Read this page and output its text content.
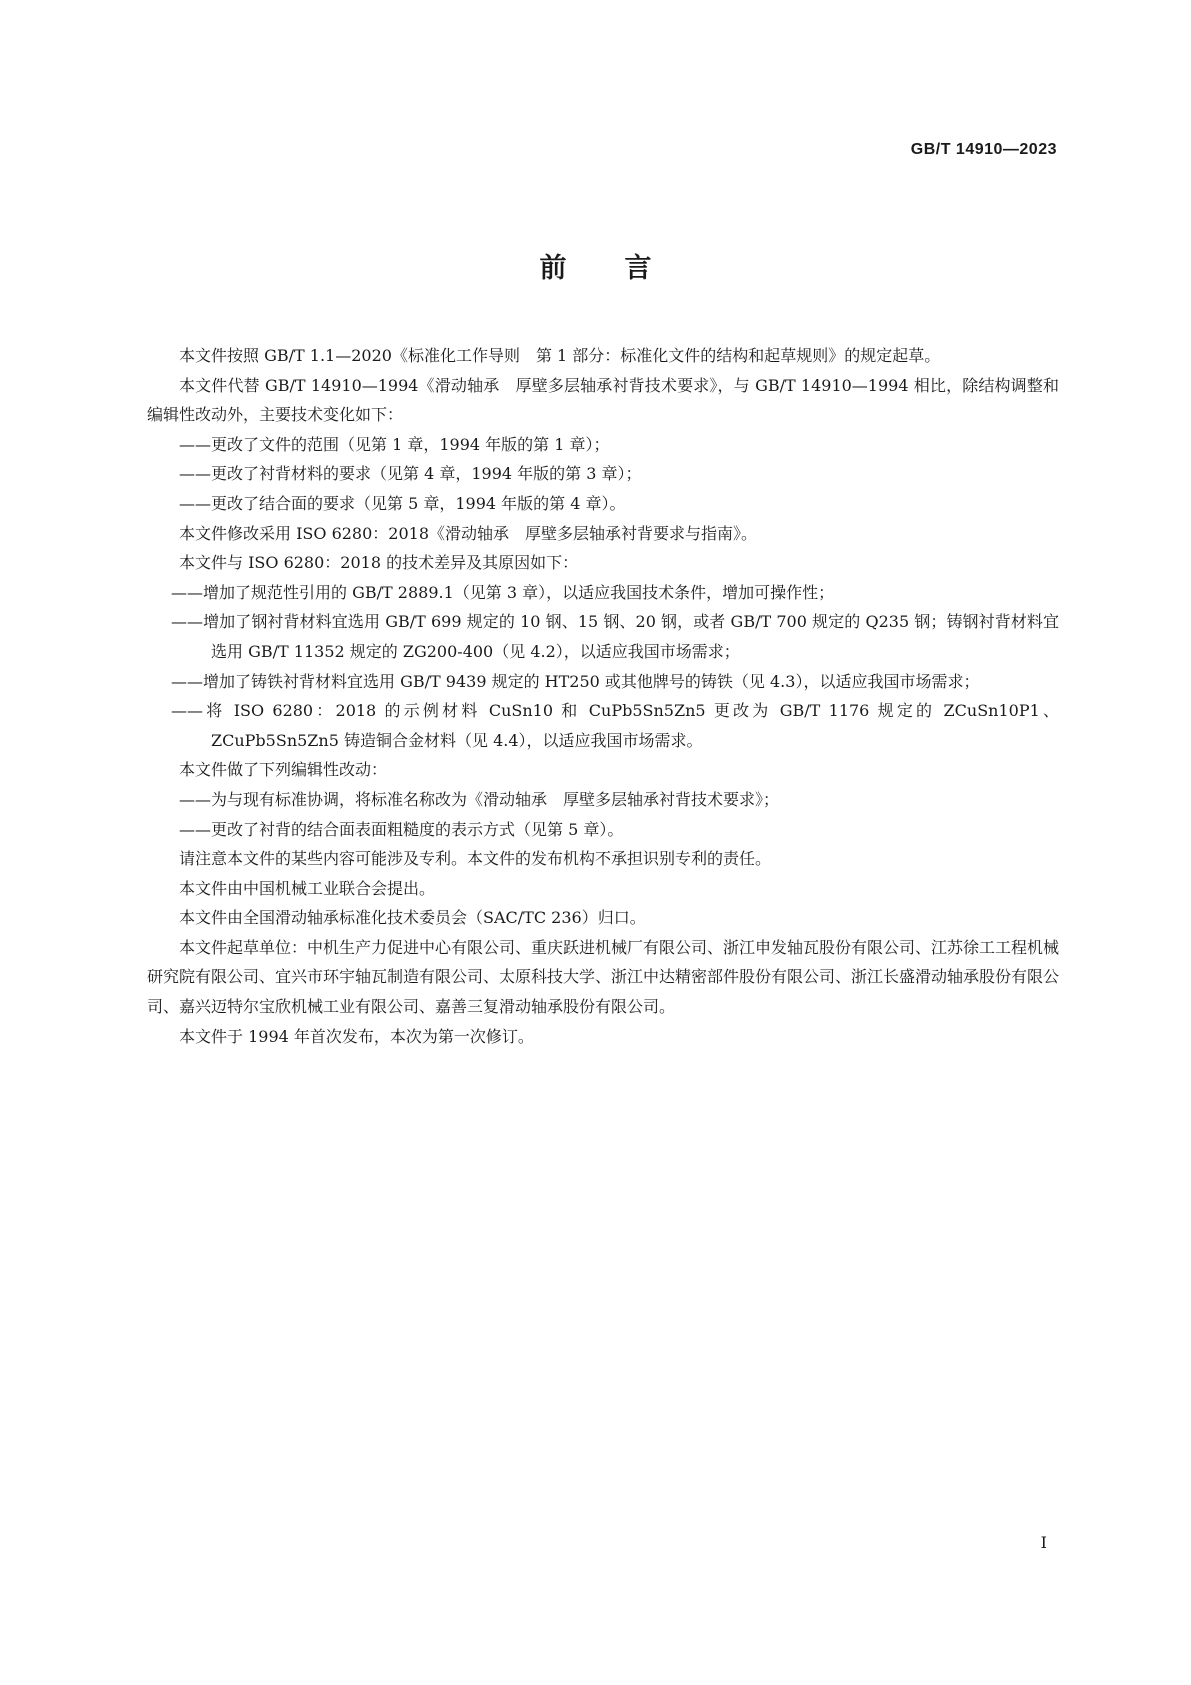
GB/T 14910—2023
前言
本文件按照 GB/T 1.1—2020《标准化工作导则　第 1 部分：标准化文件的结构和起草规则》的规定起草。
本文件代替 GB/T 14910—1994《滑动轴承　厚壁多层轴承衬背技术要求》，与 GB/T 14910—1994 相比，除结构调整和编辑性改动外，主要技术变化如下：
——更改了文件的范围（见第 1 章，1994 年版的第 1 章）；
——更改了衬背材料的要求（见第 4 章，1994 年版的第 3 章）；
——更改了结合面的要求（见第 5 章，1994 年版的第 4 章）。
本文件修改采用 ISO 6280：2018《滑动轴承　厚壁多层轴承衬背要求与指南》。
本文件与 ISO 6280：2018 的技术差异及其原因如下：
——增加了规范性引用的 GB/T 2889.1（见第 3 章），以适应我国技术条件，增加可操作性；
——增加了钢衬背材料宜选用 GB/T 699 规定的 10 钢、15 钢、20 钢，或者 GB/T 700 规定的 Q235 钢；铸钢衬背材料宜选用 GB/T 11352 规定的 ZG200-400（见 4.2），以适应我国市场需求；
——增加了铸铁衬背材料宜选用 GB/T 9439 规定的 HT250 或其他牌号的铸铁（见 4.3），以适应我国市场需求；
——将 ISO 6280：2018 的示例材料 CuSn10 和 CuPb5Sn5Zn5 更改为 GB/T 1176 规定的 ZCuSn10P1、ZCuPb5Sn5Zn5 铸造铜合金材料（见 4.4），以适应我国市场需求。
本文件做了下列编辑性改动：
——为与现有标准协调，将标准名称改为《滑动轴承　厚壁多层轴承衬背技术要求》；
——更改了衬背的结合面表面粗糙度的表示方式（见第 5 章）。
请注意本文件的某些内容可能涉及专利。本文件的发布机构不承担识别专利的责任。
本文件由中国机械工业联合会提出。
本文件由全国滑动轴承标准化技术委员会（SAC/TC 236）归口。
本文件起草单位：中机生产力促进中心有限公司、重庆跃进机械厂有限公司、浙江申发轴瓦股份有限公司、江苏徐工工程机械研究院有限公司、宜兴市环宇轴瓦制造有限公司、太原科技大学、浙江中达精密部件股份有限公司、浙江长盛滑动轴承股份有限公司、嘉兴迈特尔宝欣机械工业有限公司、嘉善三复滑动轴承股份有限公司。
本文件于 1994 年首次发布，本次为第一次修订。
I
